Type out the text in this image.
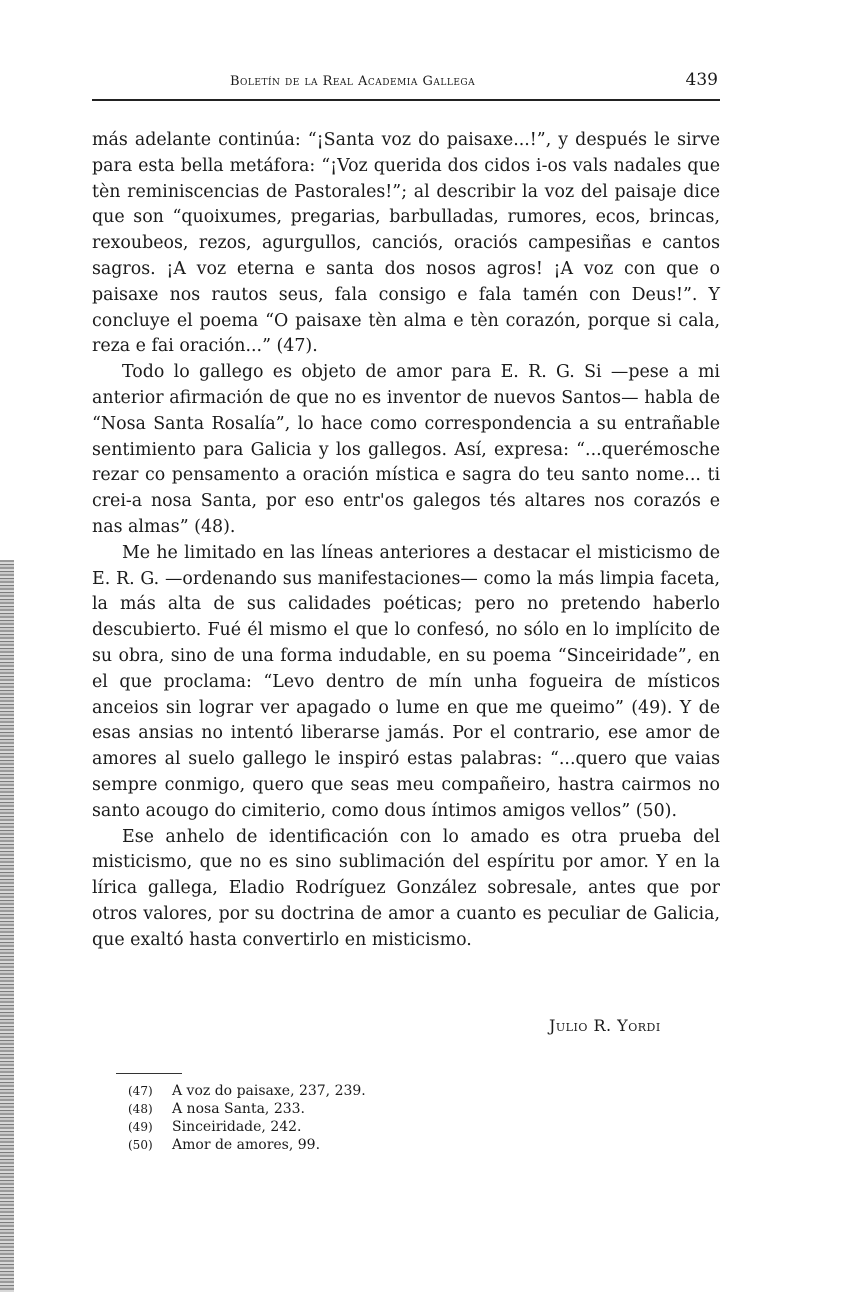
Boletín de la Real Academia Gallega	439

más adelante continúa: “¡Santa voz do paisaxe...!”, y después le sirve para esta bella metáfora: “¡Voz querida dos cidos i-os vals nadales que tèn reminiscencias de Pastorales!”; al describir la voz del paisaje dice que son “quoixumes, pregarias, barbulladas, rumores, ecos, brincas, rexoubeos, rezos, agurgullos, canciós, oraciós campesiñas e cantos sagros. ¡A voz eterna e santa dos nosos agros! ¡A voz con que o paisaxe nos rautos seus, fala consigo e fala tamén con Deus!”. Y concluye el poema “O paisaxe tèn alma e tèn corazón, porque si cala, reza e fai oración...” (47).

Todo lo gallego es objeto de amor para E. R. G. Si —pese a mi anterior afirmación de que no es inventor de nuevos Santos— habla de “Nosa Santa Rosalía”, lo hace como correspondencia a su entrañable sentimiento para Galicia y los gallegos. Así, expresa: “...querémosche rezar co pensamento a oración mística e sagra do teu santo nome... ti crei-a nosa Santa, por eso entr'os galegos tés altares nos corazós e nas almas” (48).

Me he limitado en las líneas anteriores a destacar el misticismo de E. R. G. —ordenando sus manifestaciones— como la más limpia faceta, la más alta de sus calidades poéticas; pero no pretendo haberlo descubierto. Fué él mismo el que lo confesó, no sólo en lo implícito de su obra, sino de una forma indudable, en su poema “Sinceiridade”, en el que proclama: “Levo dentro de mín unha fogueira de místicos anceios sin lograr ver apagado o lume en que me queimo” (49). Y de esas ansias no intentó liberarse jamás. Por el contrario, ese amor de amores al suelo gallego le inspiró estas palabras: “...quero que vaias sempre conmigo, quero que seas meu compañeiro, hastra cairmos no santo acougo do cimiterio, como dous íntimos amigos vellos” (50).

Ese anhelo de identificación con lo amado es otra prueba del misticismo, que no es sino sublimación del espíritu por amor. Y en la lírica gallega, Eladio Rodríguez González sobresale, antes que por otros valores, por su doctrina de amor a cuanto es peculiar de Galicia, que exaltó hasta convertirlo en misticismo.

Julio R. Yordi
(47)	A voz do paisaxe, 237, 239.
(48)	A nosa Santa, 233.
(49)	Sinceiridade, 242.
(50)	Amor de amores, 99.
